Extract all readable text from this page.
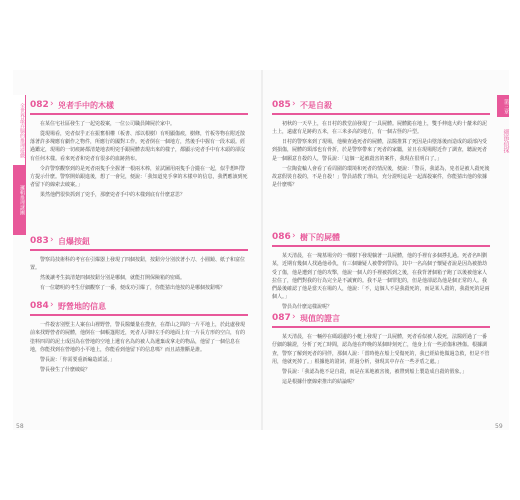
全世界最弄腦的推理遊戲
邏輯推理謎團
第三章
細節偵探
082 › 兇者手中的木樣

在某住宅社區發生了一起兇殺案，一位公司職員陳屍於家中。

從現場看，兇者似乎正在振奮相權（板書、部以根樹）有明顯傷痕，樹條，竹板等物在附近散落著許多塊應有劇作之物件，所應行的國對工作。死者倒在一個地方，然後手中握有一段木頭。經過鑑定，現場的一切痕跡都清楚地表明兇手跟屍體表現出來的樣子，都顯示兇者手中有木頭的卻沒有任何木樣。看來死者和兇者有很多的血跡熱布。

令許警察觀察到的是死者兩隻手全握著一根兩木棒，並試圖用兩隻手合攏在一起，似乎想叫警方提示什麼。警察開始跟進後，想了一會兒，便說：「我知道兇手拿的木樣中的信息，我們應該到死者留下的線索去破案。」

果然他們很快抓到了兇手，那麼兇者手中的木樣到底有什麼意思？

083 › 自爆按鈕

警察局技術科的考官在引爆器上發現了四個按鈕，按鈕旁分別放著小刀、小圓鏡、紙子和富位置。

然後讓考生搞清楚四個按鈕分別是哪個，就能打開保險箱的密碼。

有一位聰明的考生仔細觀察了一番，便成功引爆了，你能猜出他按的是哪個按鈕嗎？

084 › 野營地的信息

一件殺害別墅主人案在山裡野營，警長醫藥量在搜查，在群山之間的一片平地上，於此處發現前來找野營者的屍體，他倒在一個帳篷附近，死者人同時左手的地面上有一片長方形的空白，有的塗料四周的泥土成因為在營地的空地上遺有名為的被人為遺棄或拿走的物品，他留了一個信息在地，你能找到在營地的小平地上，你能看到他留下的信息嗎？而且請推斷是誰。

警長說：「你需要重新編造謊話。」

警長發生了什麼破綻？

085 › 不是自殺

初秋的一天早上，在日村的教堂前發現了一具屍體。屍體跪在地上，雙手伸進大約十釐米的泥土上，遠處有足跡約五米，在三米多高的地方，有一個古怪的戶型。

日村的警察來到了現場，他檢查過死者的屍體，法醫推算了死因是由墜落後而造成的頭部內受到損傷，屍體的頸部也有骨折，於是警察帶來了死者的家屬，並且在現場附近作了調查，聽說死者是一個願意自殺的人，警長說：「這個一起被殺害的案件，我現在很明白了。」

一位陶瓷輪人會看了看周圍的環境和死者的情況後，便說：「警長，我認為，兇者是被人殺死後故意假裝自殺的，不是自殺！」警員請教了理由，充分證明這是一起謀殺案件，你能猜出他的依據是什麼嗎？

086 › 樹下的屍體

某天清晨，在一塊墓場旁的一棵樹下發現躺著一具屍體，他的手裡有多個掙扎過。死者名叫劉某，近期有幾個人找過他尋仇，有三個嫌疑人被帶到警局，其中一名高個子懷疑者說是因為被搶劫受了傷，他是遭到了他的攻擊，他說一個人的手裡被抓到之後，在我背著個箱子跑了以後被他家人拉住了，他們對我的行為完全是不誠實的。我不是一個罪犯的，但是他卻認為他是個正常的人。我們最後確認了他是當天在場的人，他說：「不，這個人不是我殺死的，而是某人殺的，我殺死的是兩個人。」

警員為什麼這樣說呢？

087 › 現值的證言

某天清晨，在一輛停在碼頭邊的小艇上發現了一具屍體，死者看似被人殺死，法醫經過了一番仔細的驗證，分析了死亡時間，認為他在昨晚的某個時刻死亡，他身上有一些淤傷和挫傷。根據調查，警察了解到死者的同伴，那個人說：「當時他在船上受傷死的，我已經給他做過急救，但是不管用，他就死掉了。」根據他的證詞，經過分析，發現其中存在一些矛盾之處。」

警長說：「我認為他不是自殺，而是在某地被害後，被帶到船上製造成自殺的假象。」

這是根據什麼線索推出的結論呢？

58	59
